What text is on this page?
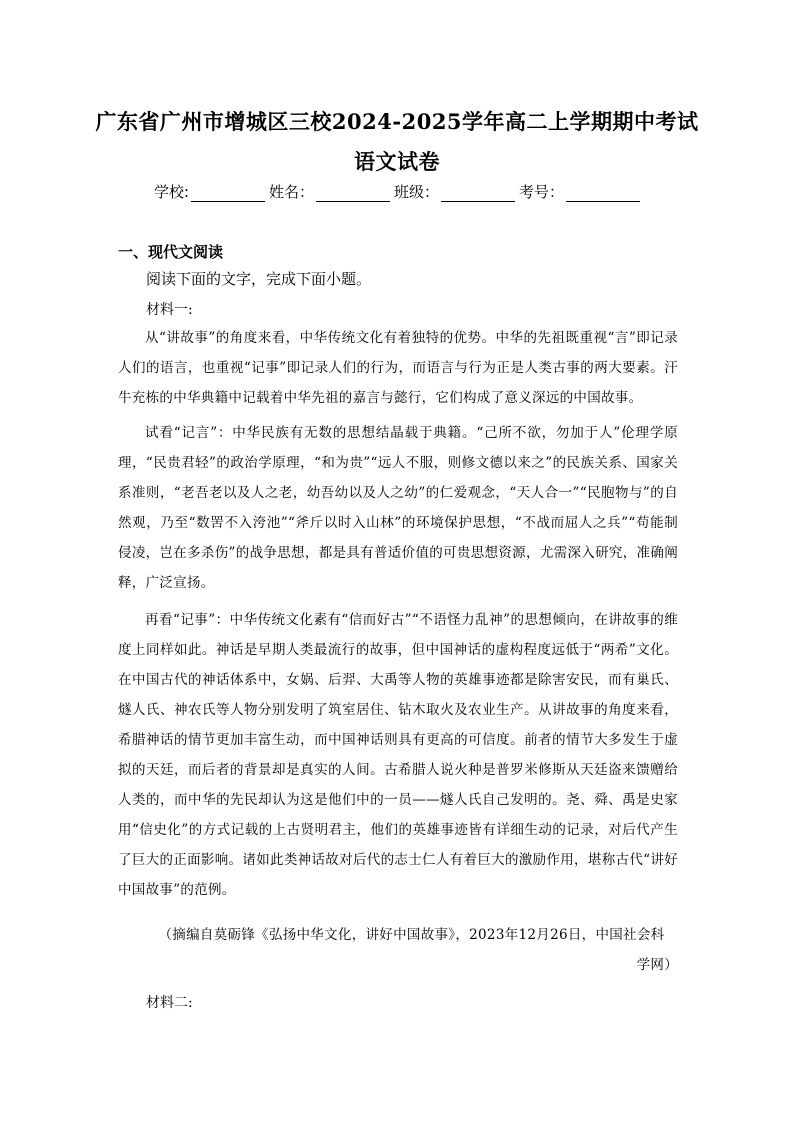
广东省广州市增城区三校2024-2025学年高二上学期期中考试
语文试卷
学校:	姓名：	班级：	考号：
一、现代文阅读
阅读下面的文字，完成下面小题。
材料一:

从“讲故事”的角度来看，中华传统文化有着独特的优势。中华的先祖既重视“言”即记录人们的语言，也重视“记事”即记录人们的行为，而语言与行为正是人类古事的两大要素。汗牛充栋的中华典籍中记载着中华先祖的嘉言与懿行，它们构成了意义深远的中国故事。

试看“记言”：中华民族有无数的思想结晶载于典籍。“己所不欲，勿加于人”伦理学原理，“民贵君轻”的政治学原理，“和为贵”“远人不服，则修文德以来之”的民族关系、国家关系准则，“老吾老以及人之老，幼吾幼以及人之幼”的仁爱观念，“天人合一”“民胞物与”的自然观，乃至“数罟不入洿池”“斧斤以时入山林”的环境保护思想，“不战而屈人之兵”“苟能制侵凌，岂在多杀伤”的战争思想，都是具有普适价值的可贵思想资源，尤需深入研究，准确阐释，广泛宣扬。

再看“记事”：中华传统文化素有“信而好古”“不语怪力乱神”的思想倾向，在讲故事的维度上同样如此。神话是早期人类最流行的故事，但中国神话的虚构程度远低于“两希”文化。在中国古代的神话体系中，女娲、后羿、大禹等人物的英雄事迹都是除害安民，而有巢氏、燧人氏、神农氏等人物分别发明了筑室居住、钻木取火及农业生产。从讲故事的角度来看，希腊神话的情节更加丰富生动，而中国神话则具有更高的可信度。前者的情节大多发生于虚拟的天廷，而后者的背景却是真实的人间。古希腊人说火种是普罗米修斯从天廷盗来馈赠给人类的，而中华的先民却认为这是他们中的一员——燧人氏自己发明的。尧、舜、禹是史家用“信史化”的方式记载的上古贤明君主，他们的英雄事迹皆有详细生动的记录，对后代产生了巨大的正面影响。诸如此类神话故对后代的志士仁人有着巨大的激励作用，堪称古代“讲好中国故事”的范例。

（摘编自莫砺锋《弘扬中华文化，讲好中国故事》，2023年12月26日，中国社会科
学网）
材料二:
